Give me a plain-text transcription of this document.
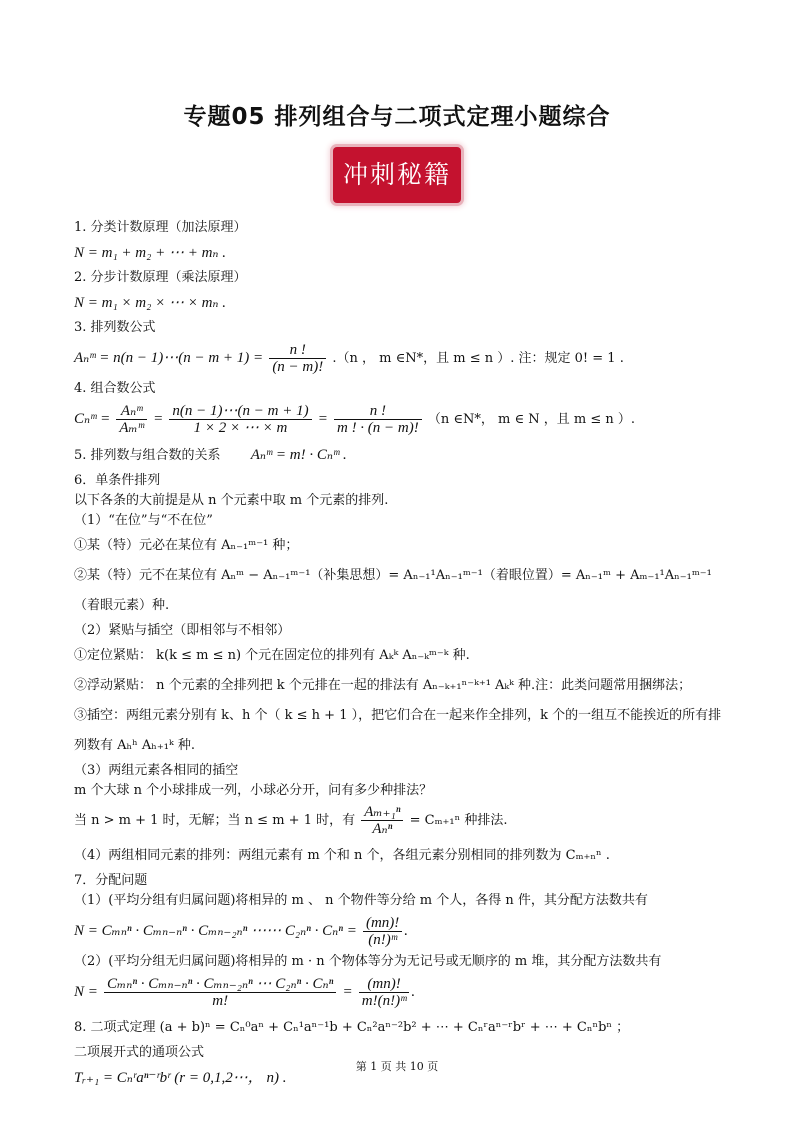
专题05 排列组合与二项式定理小题综合
冲刺秘籍
1. 分类计数原理（加法原理）
N = m₁ + m₂ + ⋯ + mₙ .
2. 分步计数原理（乘法原理）
N = m₁ × m₂ × ⋯ × mₙ .
3. 排列数公式
Aₙᵐ = n(n − 1)⋯(n − $m + 1) = \frac{n !}{(n - m)!} .(n$ ， m ∈N*，且 m ≤ n ）. 注：规定 0! = 1 .
4. 组合数公式
Cₙᵐ = Aₙᵐ
Aₘᵐ
= $\frac{n(n - 1)\cdots(n - m + 1)}{1 \times 2 \times \cdots \times m} = \frac{n !}{m ! \cdot (n - m)!} (n$ ∈N*， m ∈ N ，且 m ≤ n ）.
5. 排列数与组合数的关系 Aₙᵐ = m! · Cₙᵐ .
6．单条件排列
以下各条的大前提是从 n 个元素中取 m 个元素的排列.
（1）“在位”与“不在位”
①某（特）元必在某位有 Aₙ₋₁ᵐ⁻¹ 种；
②某（特）元不在某位有 Aₙᵐ − Aₙ₋₁ᵐ⁻¹（补集思想）= Aₙ₋₁¹Aₙ₋₁ᵐ⁻¹（着眼位置）= Aₙ₋₁ᵐ + Aₘ₋₁¹Aₙ₋₁ᵐ⁻¹（着眼元素）种.
（2）紧贴与插空（即相邻与不相邻）
①定位紧贴： k(k ≤ m ≤ n) 个元在固定位的排列有 Aₖᵏ Aₙ₋ₖᵐ⁻ᵏ 种.
②浮动紧贴： n 个元素的全排列把 k 个元排在一起的排法有 Aₙ₋ₖ₊₁ⁿ⁻ᵏ⁺¹ Aₖᵏ 种.注：此类问题常用捆绑法；
③插空：两组元素分别有 k、h 个（ k ≤ h + 1 ），把它们合在一起来作全排列，k 个的一组互不能挨近的所有排列数有 Aₕʰ Aₕ₊₁ᵏ 种.
（3）两组元素各相同的插空
m 个大球 n 个小球排成一列，小球必分开，问有多少种排法？
当 n > m + 1 时，无解；当 n ≤ m + 1 时，有
Aₘ₊₁ⁿ
Aₙⁿ
= Cₘ₊₁ⁿ 种排法.
（4）两组相同元素的排列：两组元素有 m 个和 n 个，各组元素分别相同的排列数为 Cₘ₊ₙⁿ .
7．分配问题
（1）(平均分组有归属问题)将相异的 m 、 n 个物件等分给 m 个人，各得 n 件，其分配方法数共有
N = Cₘₙⁿ · Cₘₙ₋ₙⁿ · Cₘₙ₋₂ₙⁿ ⋯⋯ $C_{2n}^n \cdot C_n^n = \frac{(mn)!}{\text{(n!)ᵐ}}$ .
（2）(平均分组无归属问题)将相异的 m · n 个物体等分为无记号或无顺序的 m 堆，其分配方法数共有
N = Cₘₙⁿ · Cₘₙ₋ₙⁿ · Cₘₙ₋₂ₙⁿ ⋯ C₂ₙⁿ · Cₙⁿ
m!
= $\frac{(mn)!}{\text{m!(n!)ᵐ}}$ .
8. 二项式定理 (a + b)ⁿ = Cₙ⁰aⁿ + Cₙ¹aⁿ⁻¹b + Cₙ²aⁿ⁻²b² + ⋯ + Cₙʳaⁿ⁻ʳbʳ + ⋯ + Cₙⁿbⁿ ；
二项展开式的通项公式
Tᵣ₊₁ = Cₙʳaⁿ⁻ʳbʳ (r = 0,1,2⋯， n) .
第 1 页 共 10 页
